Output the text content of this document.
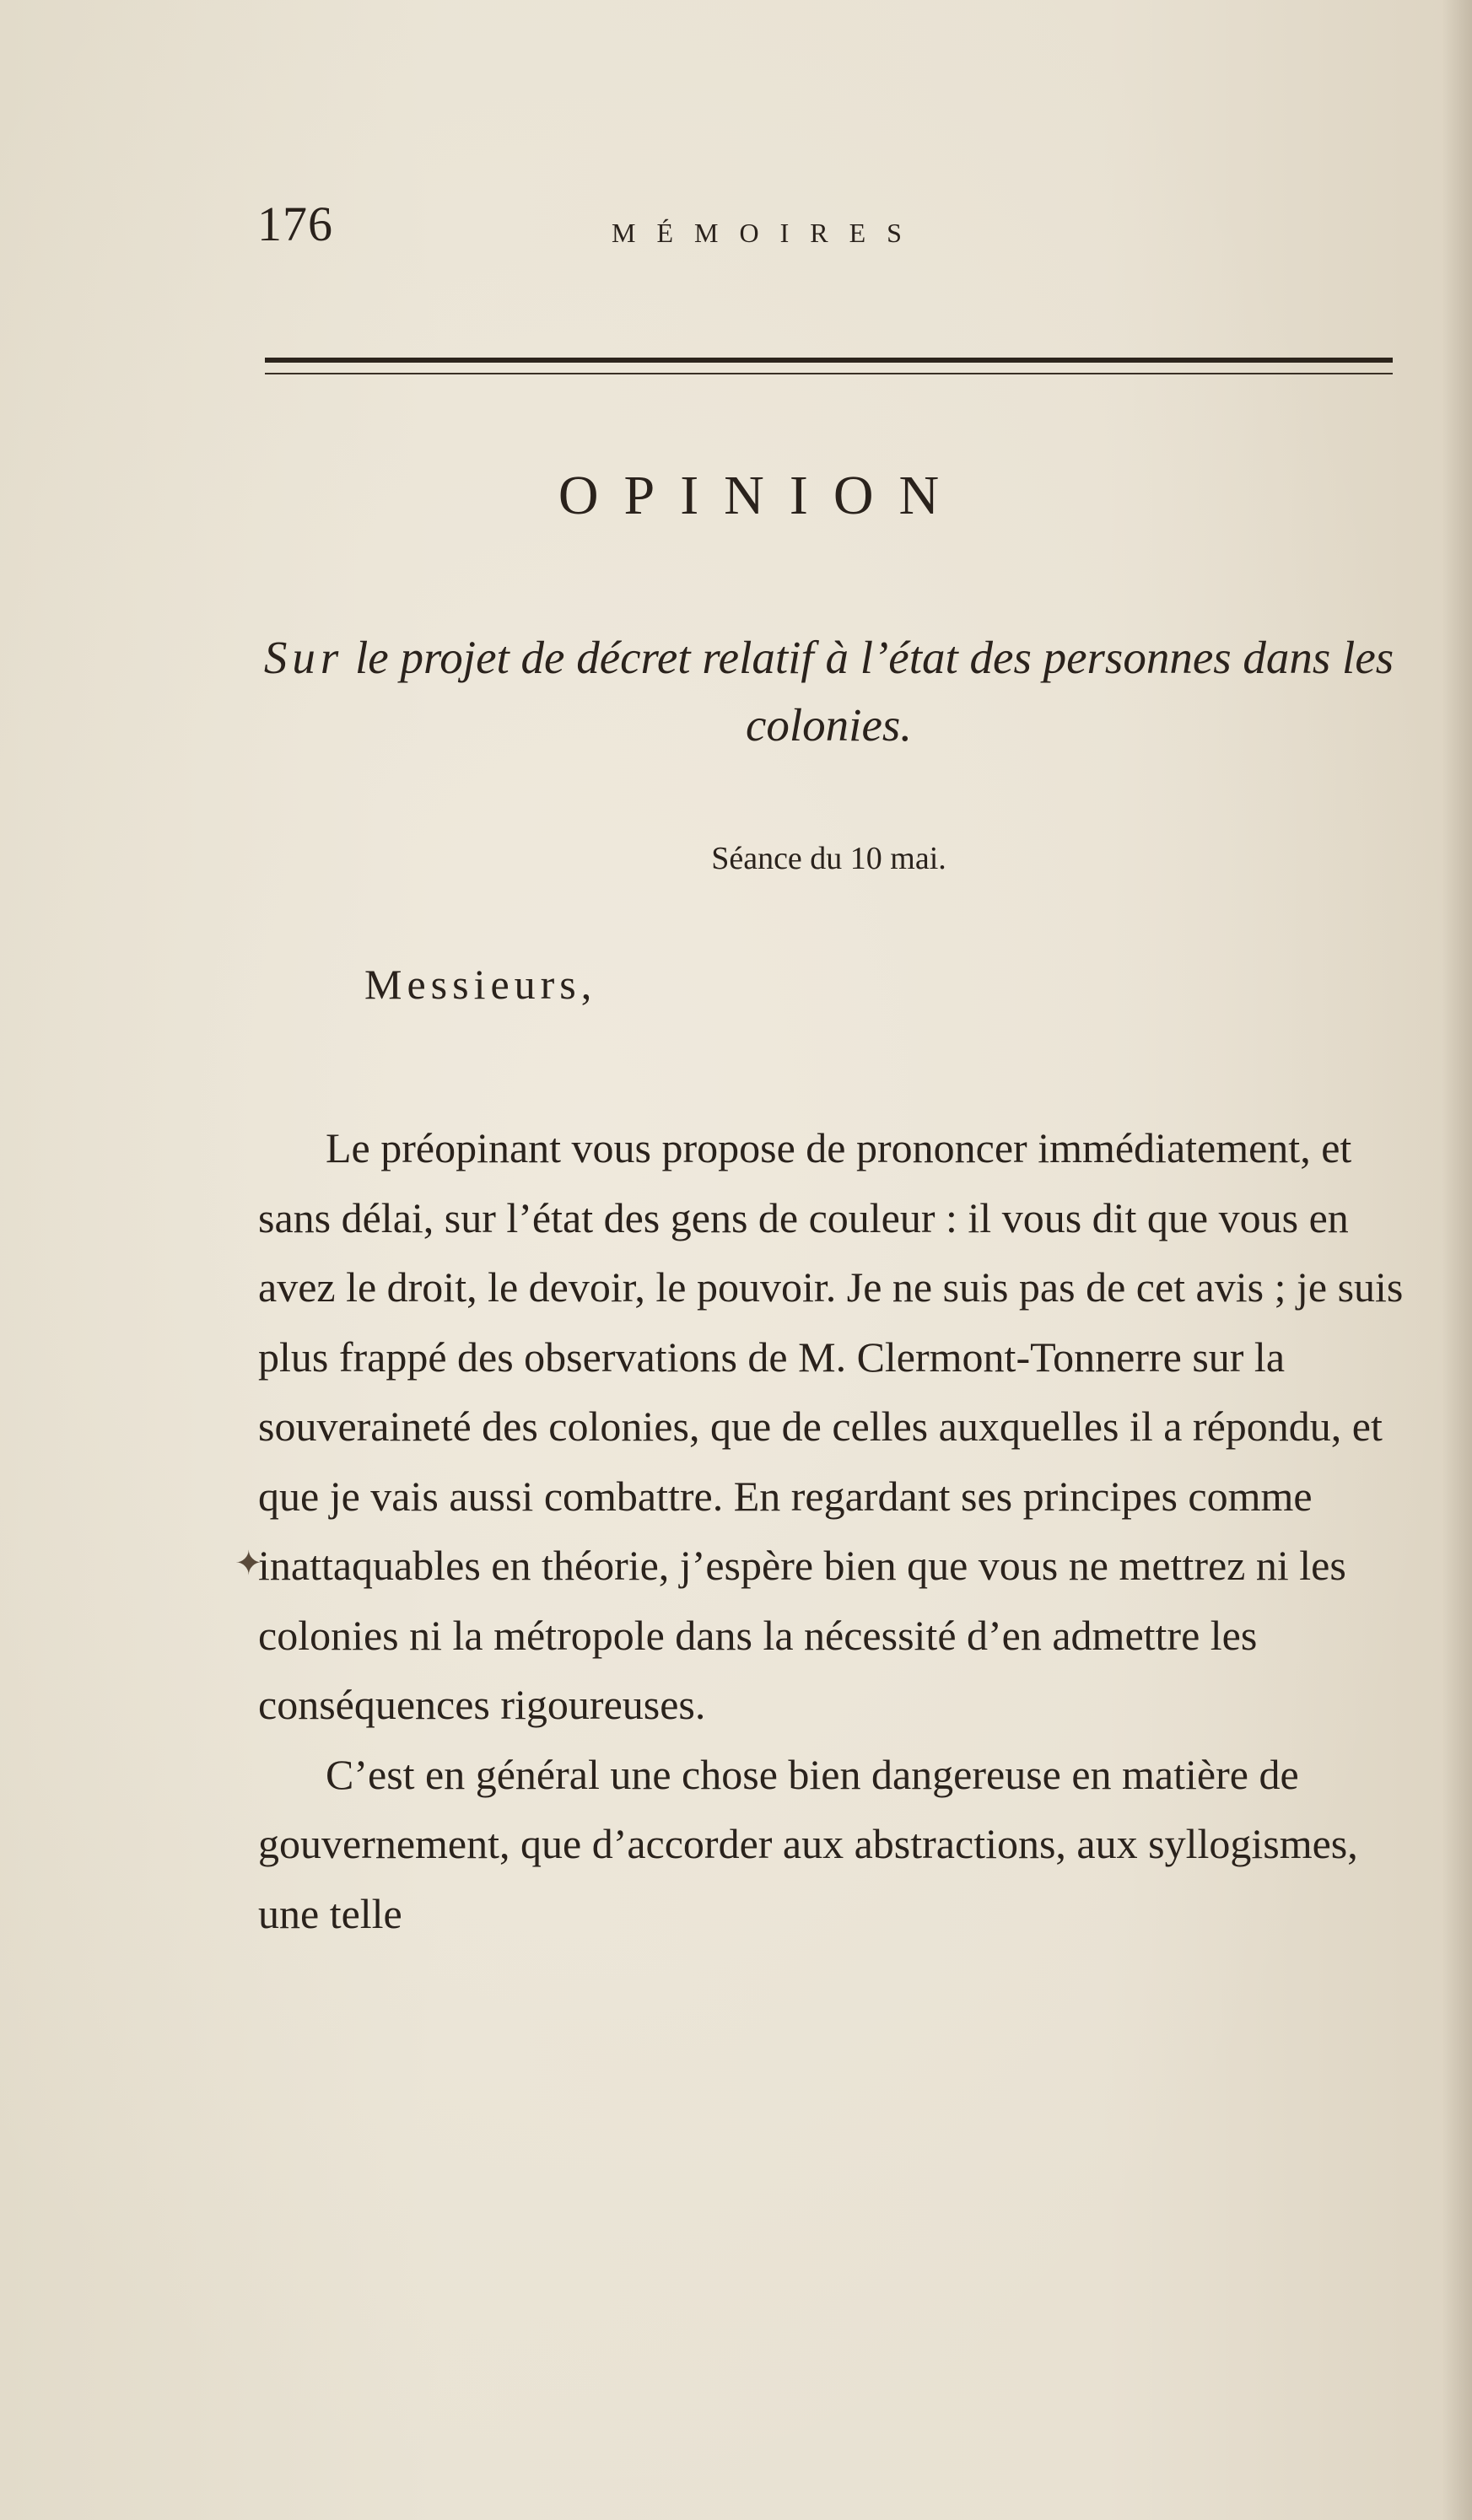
176	MÉMOIRES
OPINION
Sur le projet de décret relatif à l’état des personnes dans les colonies.
Séance du 10 mai.
Messieurs,
✦

Le préopinant vous propose de prononcer immédiatement, et sans délai, sur l’état des gens de couleur : il vous dit que vous en avez le droit, le devoir, le pouvoir. Je ne suis pas de cet avis ; je suis plus frappé des observations de M. Clermont-Tonnerre sur la souveraineté des colonies, que de celles auxquelles il a répondu, et que je vais aussi combattre. En regardant ses principes comme inattaquables en théorie, j’espère bien que vous ne mettrez ni les colonies ni la métropole dans la nécessité d’en admettre les conséquences rigoureuses.

C’est en général une chose bien dangereuse en matière de gouvernement, que d’accorder aux abstractions, aux syllogismes, une telle
